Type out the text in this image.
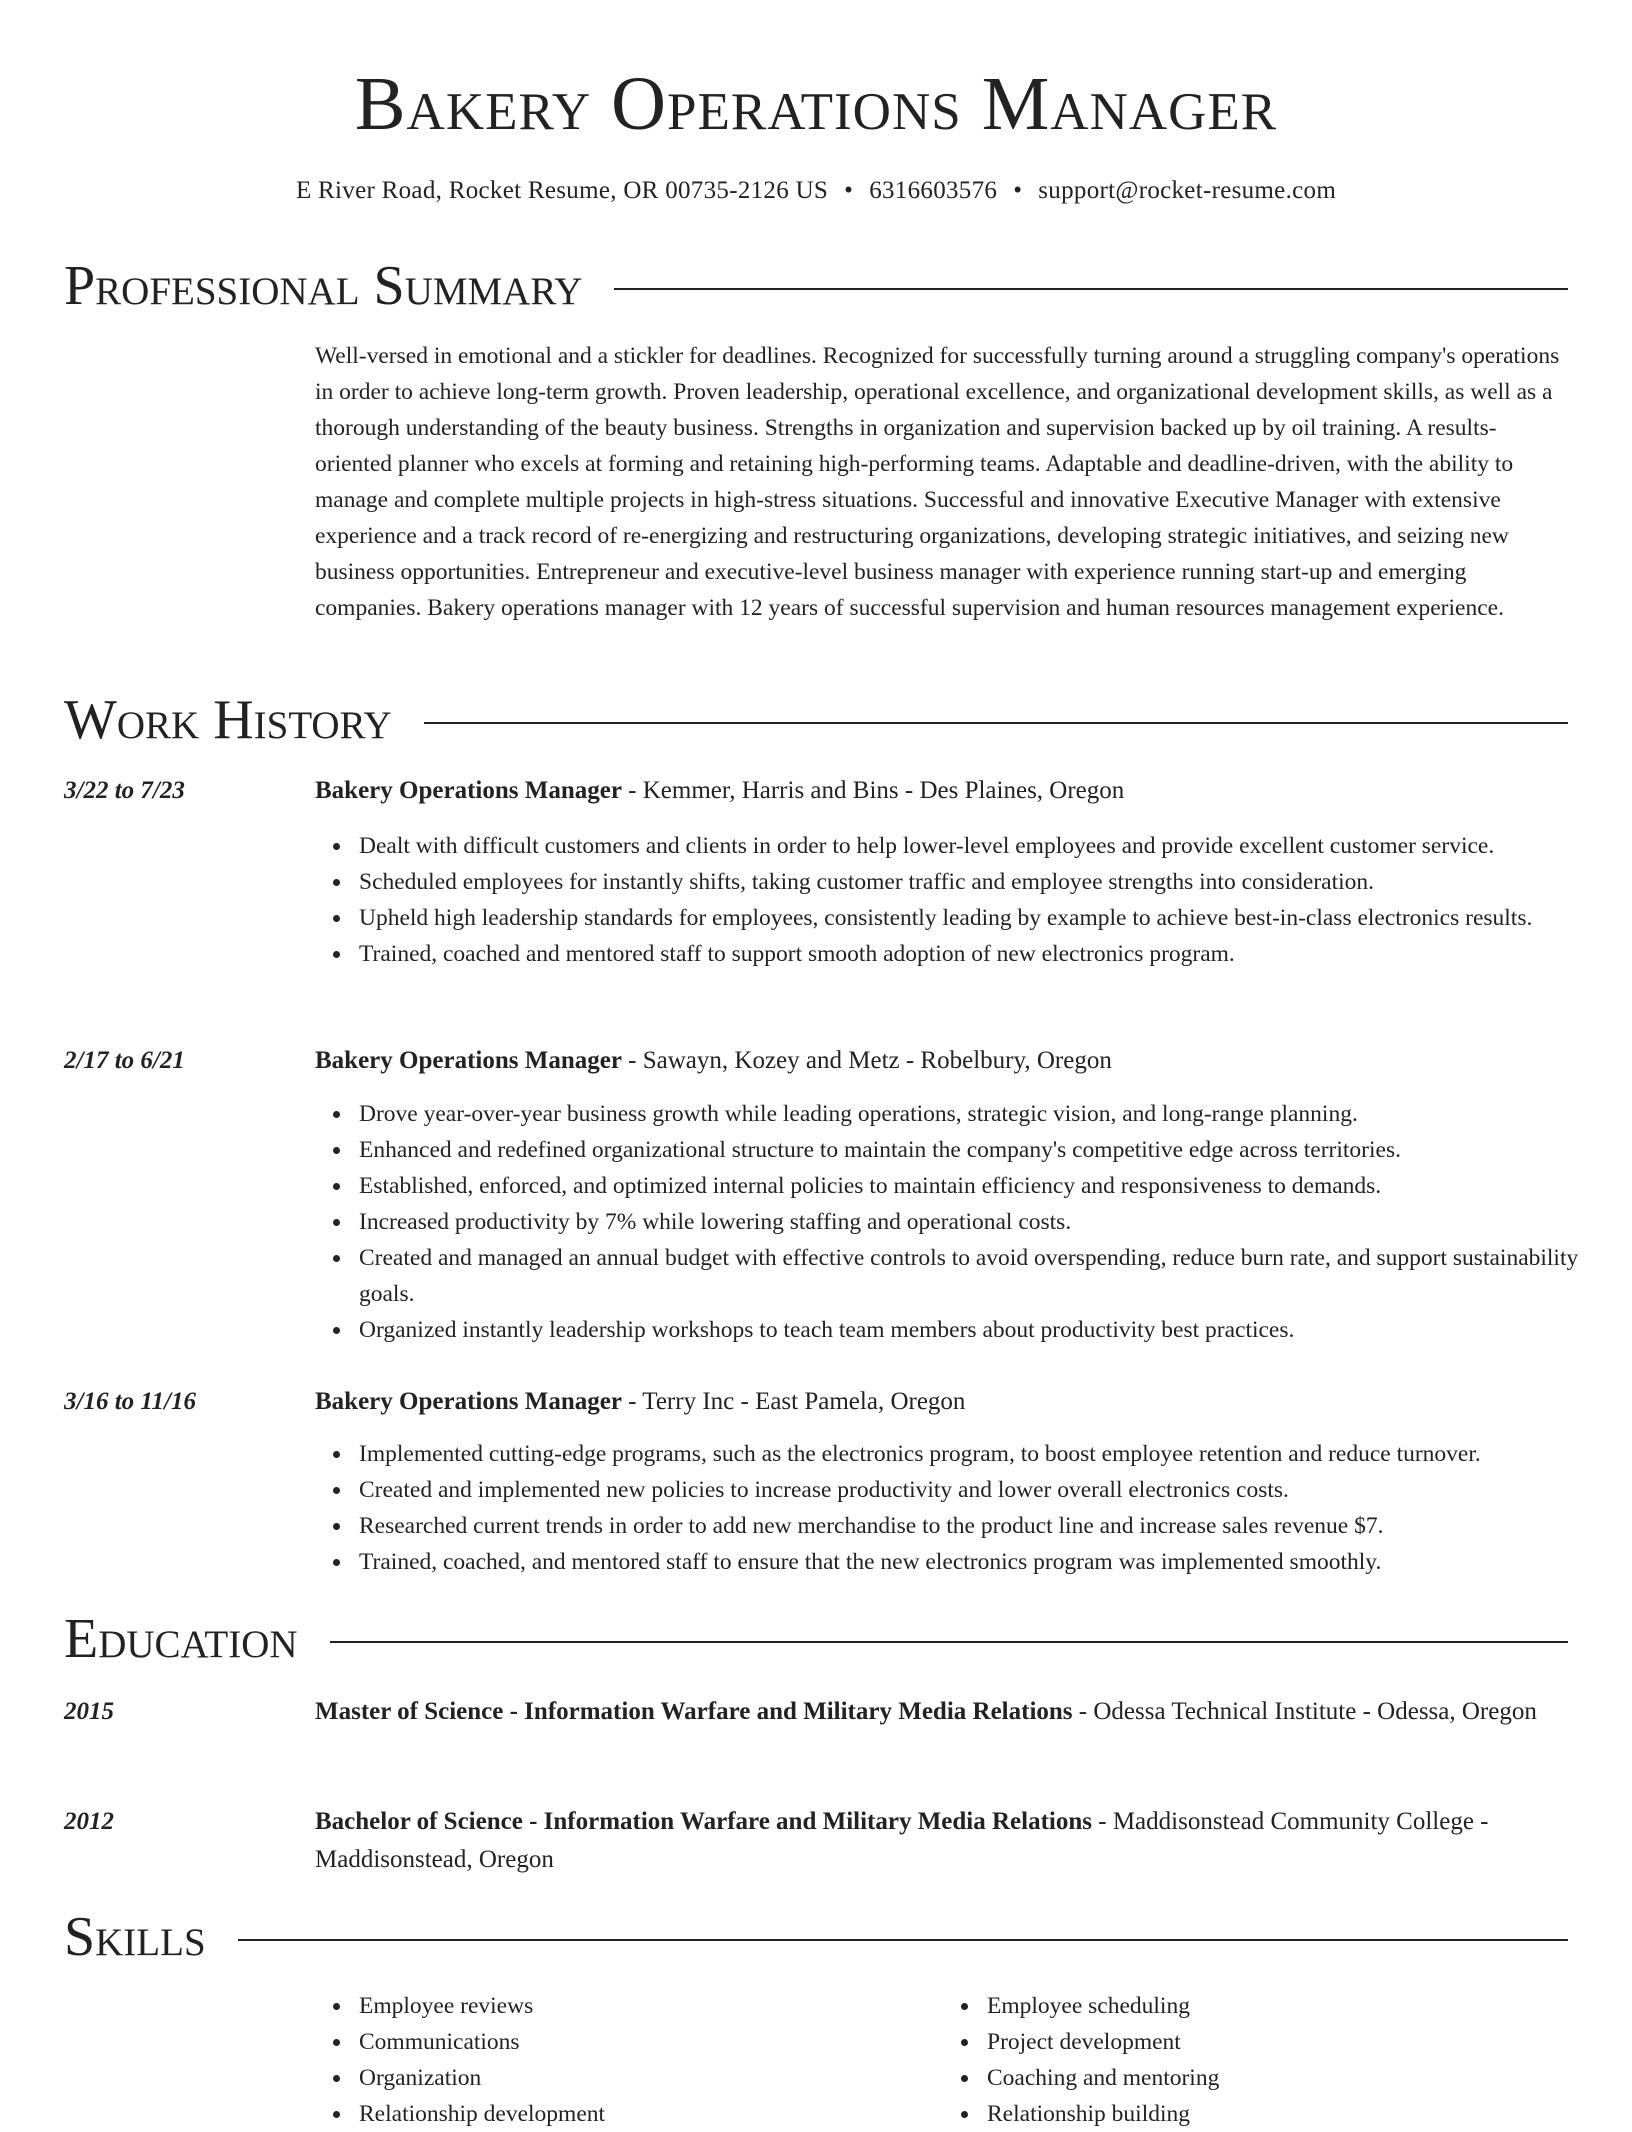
Bakery Operations Manager
E River Road, Rocket Resume, OR 00735-2126 US • 6316603576 • support@rocket-resume.com
Professional Summary
Well-versed in emotional and a stickler for deadlines. Recognized for successfully turning around a struggling company's operations in order to achieve long-term growth. Proven leadership, operational excellence, and organizational development skills, as well as a thorough understanding of the beauty business. Strengths in organization and supervision backed up by oil training. A results-oriented planner who excels at forming and retaining high-performing teams. Adaptable and deadline-driven, with the ability to manage and complete multiple projects in high-stress situations. Successful and innovative Executive Manager with extensive experience and a track record of re-energizing and restructuring organizations, developing strategic initiatives, and seizing new business opportunities. Entrepreneur and executive-level business manager with experience running start-up and emerging companies. Bakery operations manager with 12 years of successful supervision and human resources management experience.
Work History
3/22 to 7/23	Bakery Operations Manager - Kemmer, Harris and Bins - Des Plaines, Oregon
Dealt with difficult customers and clients in order to help lower-level employees and provide excellent customer service.
Scheduled employees for instantly shifts, taking customer traffic and employee strengths into consideration.
Upheld high leadership standards for employees, consistently leading by example to achieve best-in-class electronics results.
Trained, coached and mentored staff to support smooth adoption of new electronics program.
2/17 to 6/21	Bakery Operations Manager - Sawayn, Kozey and Metz - Robelbury, Oregon
Drove year-over-year business growth while leading operations, strategic vision, and long-range planning.
Enhanced and redefined organizational structure to maintain the company's competitive edge across territories.
Established, enforced, and optimized internal policies to maintain efficiency and responsiveness to demands.
Increased productivity by 7% while lowering staffing and operational costs.
Created and managed an annual budget with effective controls to avoid overspending, reduce burn rate, and support sustainability goals.
Organized instantly leadership workshops to teach team members about productivity best practices.
3/16 to 11/16	Bakery Operations Manager - Terry Inc - East Pamela, Oregon
Implemented cutting-edge programs, such as the electronics program, to boost employee retention and reduce turnover.
Created and implemented new policies to increase productivity and lower overall electronics costs.
Researched current trends in order to add new merchandise to the product line and increase sales revenue $7.
Trained, coached, and mentored staff to ensure that the new electronics program was implemented smoothly.
Education
2015	Master of Science - Information Warfare and Military Media Relations - Odessa Technical Institute - Odessa, Oregon
2012	Bachelor of Science - Information Warfare and Military Media Relations - Maddisonstead Community College - Maddisonstead, Oregon
Skills
Employee reviews
Communications
Organization
Relationship development
Employee scheduling
Project development
Coaching and mentoring
Relationship building
